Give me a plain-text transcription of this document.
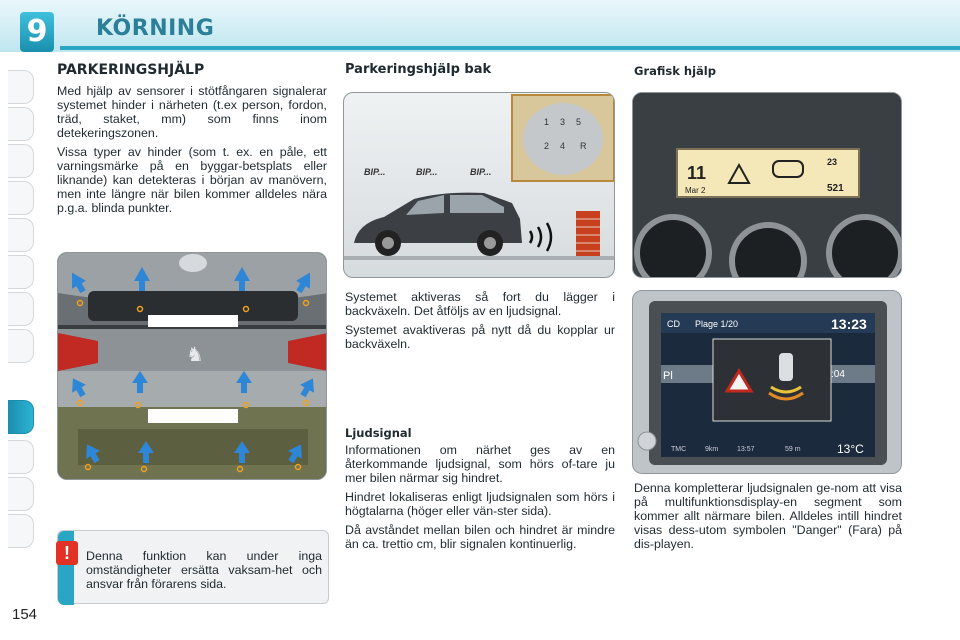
9 KÖRNING
PARKERINGSHJÄLP

Med hjälp av sensorer i stötfångaren signalerar systemet hinder i närheten (t.ex person, fordon, träd, staket, mm) som finns inom detekeringszonen.

Vissa typer av hinder (som t. ex. en påle, ett varningsmärke på en byggar-betsplats eller liknande) kan detekteras i början av manövern, men inte längre när bilen kommer alldeles nära p.g.a. blinda punkter.

♞
!	Denna funktion kan under inga omständigheter ersätta vaksam-het och ansvar från förarens sida.
Parkeringshjälp bak
1 3 5
2 4 R
BIP...	BIP...	BIP...

Systemet aktiveras så fort du lägger i backväxeln. Det åtföljs av en ljudsignal.

Systemet avaktiveras på nytt då du kopplar ur backväxeln.

Ljudsignal

Informationen om närhet ges av en återkommande ljudsignal, som hörs of-tare ju mer bilen närmar sig hindret.

Hindret lokaliseras enligt ljudsignalen som hörs i högtalarna (höger eller vän-ster sida).

Då avståndet mellan bilen och hindret är mindre än ca. trettio cm, blir signalen kontinuerlig.

Grafisk hjälp
11
Mar 2
23
521
CD Plage 1/20	13:23
Pl	:04
TMC	9km	13:57	59 m	13°C

Denna kompletterar ljudsignalen ge-nom att visa på multifunktionsdisplay-en segment som kommer allt närmare bilen. Alldeles intill hindret visas dess-utom symbolen "Danger" (Fara) på dis-playen.

154
